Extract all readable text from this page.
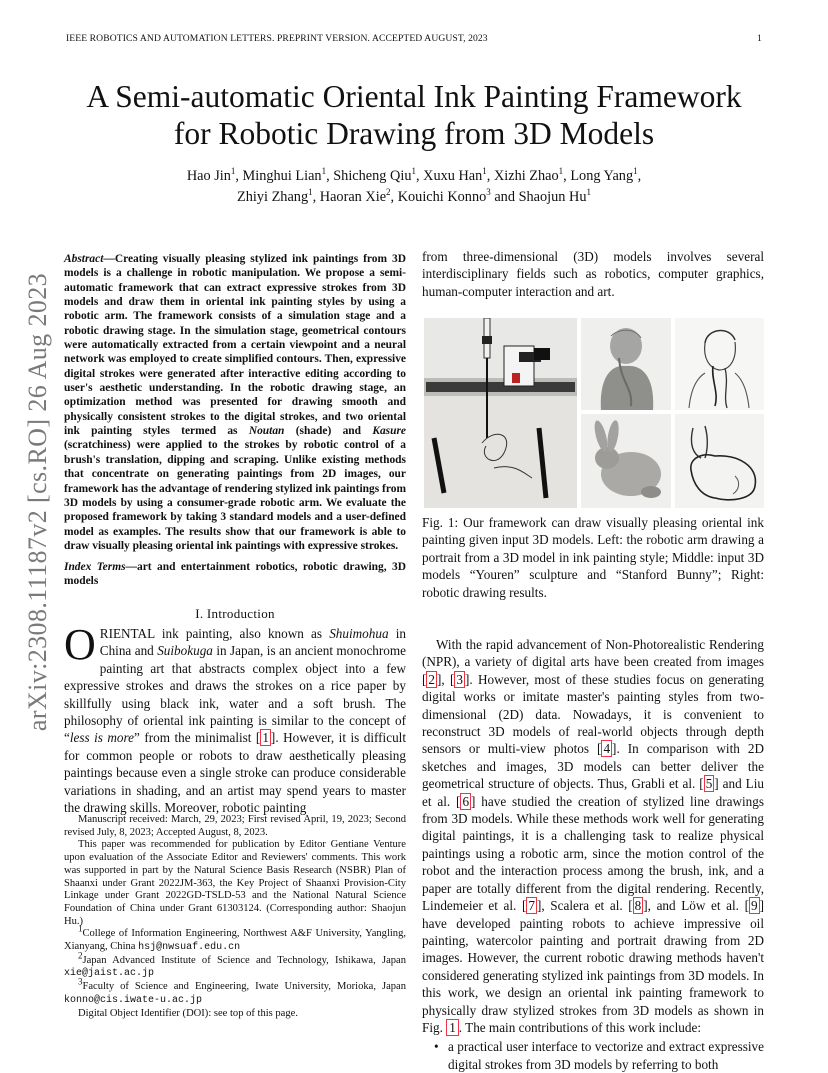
IEEE ROBOTICS AND AUTOMATION LETTERS. PREPRINT VERSION. ACCEPTED AUGUST, 2023	1
A Semi-automatic Oriental Ink Painting Framework
for Robotic Drawing from 3D Models
Hao Jin$^1$, Minghui Lian$^1$, Shicheng Qiu$^1$, Xuxu Han$^1$, Xizhi Zhao$^1$, Long Yang$^1$,
Zhiyi Zhang$^1$, Haoran Xie$^2$, Kouichi Konno$^3$ and Shaojun Hu$^1$
arXiv:2308.11187v2 [cs.RO] 26 Aug 2023
Abstract—Creating visually pleasing stylized ink paintings from 3D models is a challenge in robotic manipulation. We propose a semi-automatic framework that can extract expressive strokes from 3D models and draw them in oriental ink painting styles by using a robotic arm. The framework consists of a simulation stage and a robotic drawing stage. In the simulation stage, geometrical contours were automatically extracted from a certain viewpoint and a neural network was employed to create simplified contours. Then, expressive digital strokes were generated after interactive editing according to user's aesthetic understanding. In the robotic drawing stage, an optimization method was presented for drawing smooth and physically consistent strokes to the digital strokes, and two oriental ink painting styles termed as Noutan (shade) and Kasure (scratchiness) were applied to the strokes by robotic control of a brush's translation, dipping and scraping. Unlike existing methods that concentrate on generating paintings from 2D images, our framework has the advantage of rendering stylized ink paintings from 3D models by using a consumer-grade robotic arm. We evaluate the proposed framework by taking 3 standard models and a user-defined model as examples. The results show that our framework is able to draw visually pleasing oriental ink paintings with expressive strokes.
Index Terms—art and entertainment robotics, robotic drawing, 3D models
I. Introduction
ORIENTAL ink painting, also known as Shuimohua in China and Suibokuga in Japan, is an ancient monochrome painting art that abstracts complex object into a few expressive strokes and draws the strokes on a rice paper by skillfully using black ink, water and a soft brush. The philosophy of oriental ink painting is similar to the concept of “less is more” from the minimalist [ 1 ]. However, it is difficult for common people or robots to draw aesthetically pleasing paintings because even a single stroke can produce considerable variations in shading, and an artist may spend years to master the drawing skills. Moreover, robotic painting

Manuscript received: March, 29, 2023; First revised April, 19, 2023; Second revised July, 8, 2023; Accepted August, 8, 2023.

This paper was recommended for publication by Editor Gentiane Venture upon evaluation of the Associate Editor and Reviewers' comments. This work was supported in part by the Natural Science Basis Research (NSBR) Plan of Shaanxi under Grant 2022JM-363, the Key Project of Shaanxi Provision-City Linkage under Grant 2022GD-TSLD-53 and the National Natural Science Foundation of China under Grant 61303124. (Corresponding author: Shaojun Hu.)

$^1$College of Information Engineering, Northwest A&F University, Yangling, Xianyang, China hsj@nwsuaf.edu.cn

$^2$Japan Advanced Institute of Science and Technology, Ishikawa, Japan xie@jaist.ac.jp

$^3$Faculty of Science and Engineering, Iwate University, Morioka, Japan konno@cis.iwate-u.ac.jp

Digital Object Identifier (DOI): see top of this page.

from three-dimensional (3D) models involves several interdisciplinary fields such as robotics, computer graphics, human-computer interaction and art.
Fig. 1: Our framework can draw visually pleasing oriental ink painting given input 3D models. Left: the robotic arm drawing a portrait from a 3D model in ink painting style; Middle: input 3D models “Youren” sculpture and “Stanford Bunny”; Right: robotic drawing results.

With the rapid advancement of Non-Photorealistic Rendering (NPR), a variety of digital arts have been created from images [ 2 ], [ 3 ]. However, most of these studies focus on generating digital works or imitate master's painting styles from two-dimensional (2D) data. Nowadays, it is convenient to reconstruct 3D models of real-world objects through depth sensors or multi-view photos [ 4 ]. In comparison with 2D sketches and images, 3D models can better deliver the geometrical structure of objects. Thus, Grabli et al. [ 5 ] and Liu et al. [ 6 ] have studied the creation of stylized line drawings from 3D models. While these methods work well for generating digital paintings, it is a challenging task to realize physical paintings using a robotic arm, since the motion control of the robot and the interaction process among the brush, ink, and a paper are totally different from the digital rendering. Recently, Lindemeier et al. [ 7 ], Scalera et al. [ 8 ], and Löw et al. [ 9 ] have developed painting robots to achieve impressive oil painting, watercolor painting and portrait drawing from 2D images. However, the current robotic drawing methods haven't considered generating stylized ink paintings from 3D models. In this work, we design an oriental ink painting framework to physically draw stylized strokes from 3D models as shown in Fig. 1 . The main contributions of this work include:

• a practical user interface to vectorize and extract expressive digital strokes from 3D models by referring to both
